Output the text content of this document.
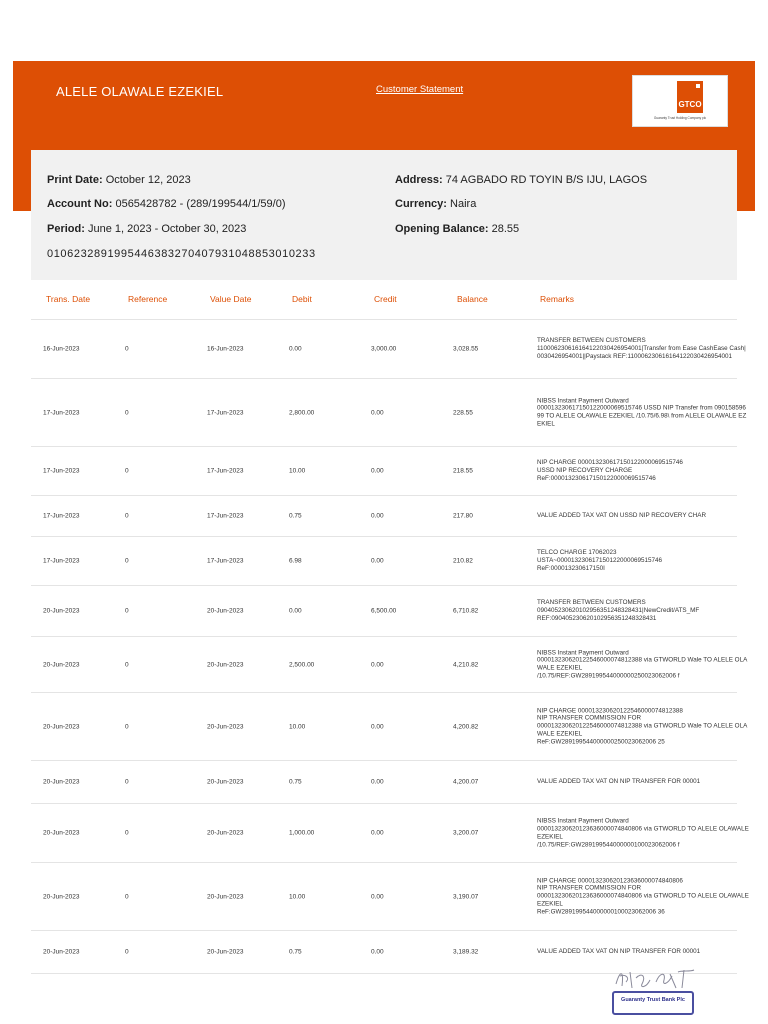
ALELE OLAWALE EZEKIEL	Customer Statement
GTCO
Guaranty Trust Holding Company plc
Print Date: October 12, 2023
Account No: 0565428782 - (289/199544/1/59/0)
Period: June 1, 2023 - October 30, 2023
0106232891995446383270407931048853010233
Address: 74 AGBADO RD TOYIN B/S IJU, LAGOS
Currency: Naira
Opening Balance: 28.55
Trans. Date	Reference	Value Date	Debit	Credit	Balance	Remarks
16-Jun-2023	0	16-Jun-2023	0.00	3,000.00	3,028.55
TRANSFER BETWEEN CUSTOMERS
110006230616164122030426954001|Transfer from Ease CashEase Cash|0030426954001||Paystack REF:110006230616164122030426954001
17-Jun-2023	0	17-Jun-2023	2,800.00	0.00	228.55
NIBSS Instant Payment Outward
000013230617150122000069515746 USSD NIP Transfer from 09015859699 TO ALELE OLAWALE EZEKIEL /10.75/6.98\ from ALELE OLAWALE EZEKIEL
17-Jun-2023	0	17-Jun-2023	10.00	0.00	218.55
NIP CHARGE 000013230617150122000069515746
USSD NIP RECOVERY CHARGE
ReF:000013230617150122000069515746
17-Jun-2023	0	17-Jun-2023	0.75	0.00	217.80	VALUE ADDED TAX VAT ON USSD NIP RECOVERY CHAR
17-Jun-2023	0	17-Jun-2023	6.98	0.00	210.82
TELCO CHARGE 17062023
USTA~000013230617150122000069515746
ReF:000013230617150I
20-Jun-2023	0	20-Jun-2023	0.00	6,500.00	6,710.82
TRANSFER BETWEEN CUSTOMERS
090405230620102956351248328431|NewCredit/ATS_MF
REF:090405230620102956351248328431
20-Jun-2023	0	20-Jun-2023	2,500.00	0.00	4,210.82
NIBSS Instant Payment Outward
000013230620122546000074812388 via GTWORLD Wale TO ALELE OLAWALE EZEKIEL
/10.75/REF:GW289199544000000250023062006 f
20-Jun-2023	0	20-Jun-2023	10.00	0.00	4,200.82
NIP CHARGE 000013230620122546000074812388
NIP TRANSFER COMMISSION FOR
000013230620122546000074812388 via GTWORLD Wale TO ALELE OLAWALE EZEKIEL
ReF:GW289199544000000250023062006 25
20-Jun-2023	0	20-Jun-2023	0.75	0.00	4,200.07	VALUE ADDED TAX VAT ON NIP TRANSFER FOR 00001
20-Jun-2023	0	20-Jun-2023	1,000.00	0.00	3,200.07
NIBSS Instant Payment Outward
000013230620123636000074840806 via GTWORLD TO ALELE OLAWALE EZEKIEL
/10.75/REF:GW289199544000000100023062006 f
20-Jun-2023	0	20-Jun-2023	10.00	0.00	3,190.07
NIP CHARGE 000013230620123636000074840806
NIP TRANSFER COMMISSION FOR
000013230620123636000074840806 via GTWORLD TO ALELE OLAWALE EZEKIEL
ReF:GW289199544000000100023062006 36
20-Jun-2023	0	20-Jun-2023	0.75	0.00	3,189.32	VALUE ADDED TAX VAT ON NIP TRANSFER FOR 00001
Guaranty Trust Bank Plc
